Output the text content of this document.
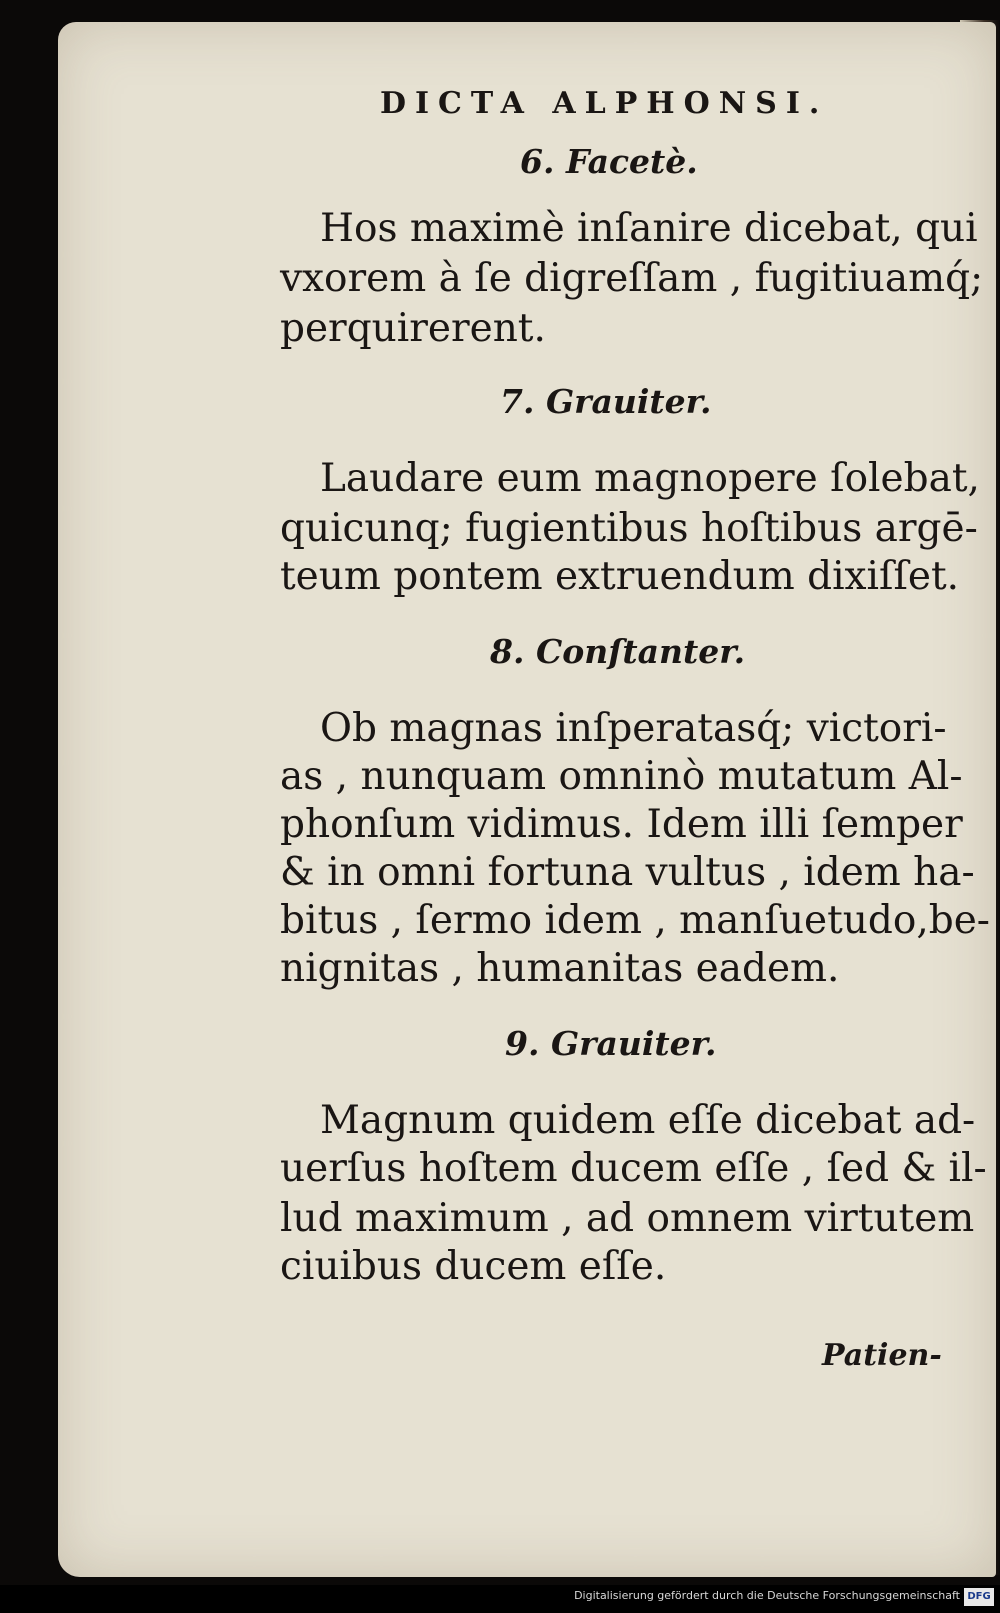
DICTA ALPHONSI.
6. Facetè.
Hos maximè inſanire dicebat, qui
vxorem à ſe digreſſam , fugitiuamq́;
perquirerent.
7. Grauiter.
Laudare eum magnopere ſolebat,
quicunq; fugientibus hoſtibus argē-
teum pontem extruendum dixiſſet.
8. Conſtanter.
Ob magnas inſperatasq́; victori-
as , nunquam omninò mutatum Al-
phonſum vidimus. Idem illi ſemper
& in omni fortuna vultus , idem ha-
bitus , ſermo idem , manſuetudo,be-
nignitas , humanitas eadem.
9. Grauiter.
Magnum quidem eſſe dicebat ad-
uerſus hoſtem ducem eſſe , ſed & il-
lud maximum , ad omnem virtutem
ciuibus ducem eſſe.
Patien-
Digitalisierung gefördert durch die Deutsche Forschungsgemeinschaft DFG
